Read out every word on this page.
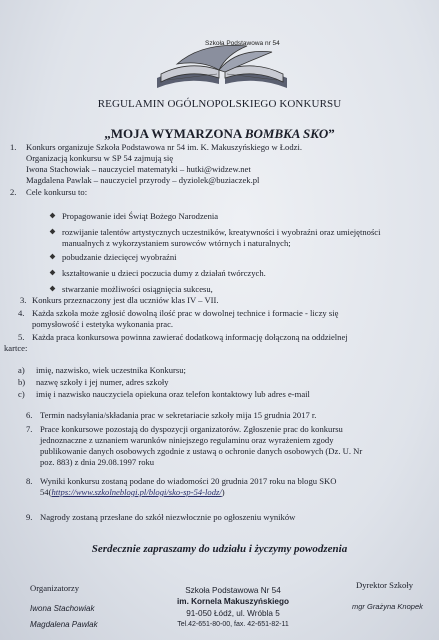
Szkoła Podstawowa nr 54
REGULAMIN OGÓLNOPOLSKIEGO KONKURSU
„MOJA WYMARZONA BOMBKA SKO”
1. Konkurs organizuje Szkoła Podstawowa nr 54 im. K. Makuszyńskiego w Łodzi.
Organizacją konkursu w SP 54 zajmują się
Iwona Stachowiak – nauczyciel matematyki – hutki@widzew.net
Magdalena Pawlak – nauczyciel przyrody – dyziolek@buziaczek.pl
2. Cele konkursu to:
Propagowanie idei Świąt Bożego Narodzenia
rozwijanie talentów artystycznych uczestników, kreatywności i wyobraźni oraz umiejętności
manualnych z wykorzystaniem surowców wtórnych i naturalnych;
pobudzanie dziecięcej wyobraźni
kształtowanie u dzieci poczucia dumy z działań twórczych.
stwarzanie możliwości osiągnięcia sukcesu,
3. Konkurs przeznaczony jest dla uczniów klas IV – VII.
4. Każda szkoła może zgłosić dowolną ilość prac w dowolnej technice i formacie - liczy się
pomysłowość i estetyka wykonania prac.
5. Każda praca konkursowa powinna zawierać dodatkową informację dołączoną na oddzielnej
kartce:
a) imię, nazwisko, wiek uczestnika Konkursu;
b) nazwę szkoły i jej numer, adres szkoły
c) imię i nazwisko nauczyciela opiekuna oraz telefon kontaktowy lub adres e-mail
6. Termin nadsyłania/składania prac w sekretariacie szkoły mija 15 grudnia 2017 r.
7. Prace konkursowe pozostają do dyspozycji organizatorów. Zgłoszenie prac do konkursu
jednoznaczne z uznaniem warunków niniejszego regulaminu oraz wyrażeniem zgody
publikowanie danych osobowych zgodnie z ustawą o ochronie danych osobowych (Dz. U. Nr
poz. 883) z dnia 29.08.1997 roku
8. Wyniki konkursu zostaną podane do wiadomości 20 grudnia 2017 roku na blogu SKO
54(https://www.szkolneblogi.pl/blogi/sko-sp-54-lodz/)
9. Nagrody zostaną przesłane do szkół niezwłocznie po ogłoszeniu wyników
Serdecznie zapraszamy do udziału i życzymy powodzenia
Organizatorzy
Iwona Stachowiak
Magdalena Pawlak
Szkoła Podstawowa Nr 54
im. Kornela Makuszyńskiego
91-050 Łódź, ul. Wróbla 5
Tel.42-651-80-00, fax. 42-651-82-11
Dyrektor Szkoły
mgr Grażyna Knopek
